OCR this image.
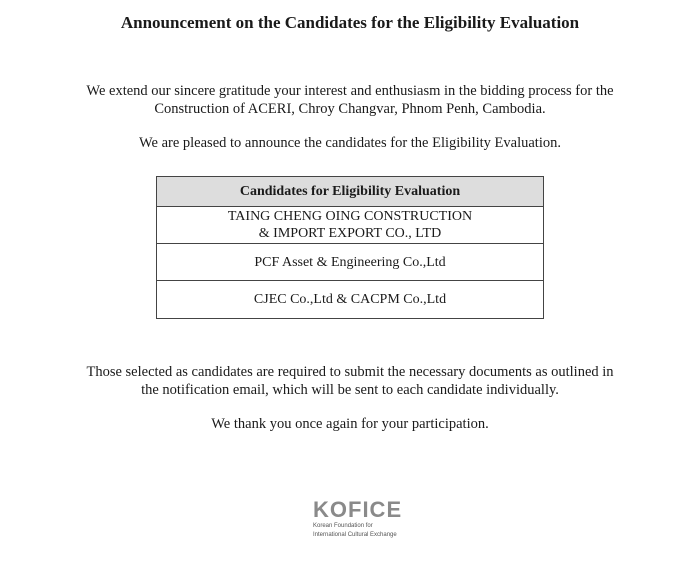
Announcement on the Candidates for the Eligibility Evaluation
We extend our sincere gratitude your interest and enthusiasm in the bidding process for the
Construction of ACERI, Chroy Changvar, Phnom Penh, Cambodia.
We are pleased to announce the candidates for the Eligibility Evaluation.
Candidates for Eligibility Evaluation

TAING CHENG OING CONSTRUCTION
& IMPORT EXPORT CO., LTD

PCF Asset & Engineering Co.,Ltd

CJEC Co.,Ltd & CACPM Co.,Ltd
Those selected as candidates are required to submit the necessary documents as outlined in
the notification email, which will be sent to each candidate individually.
We thank you once again for your participation.
KOFICE
Korean Foundation for
International Cultural Exchange
